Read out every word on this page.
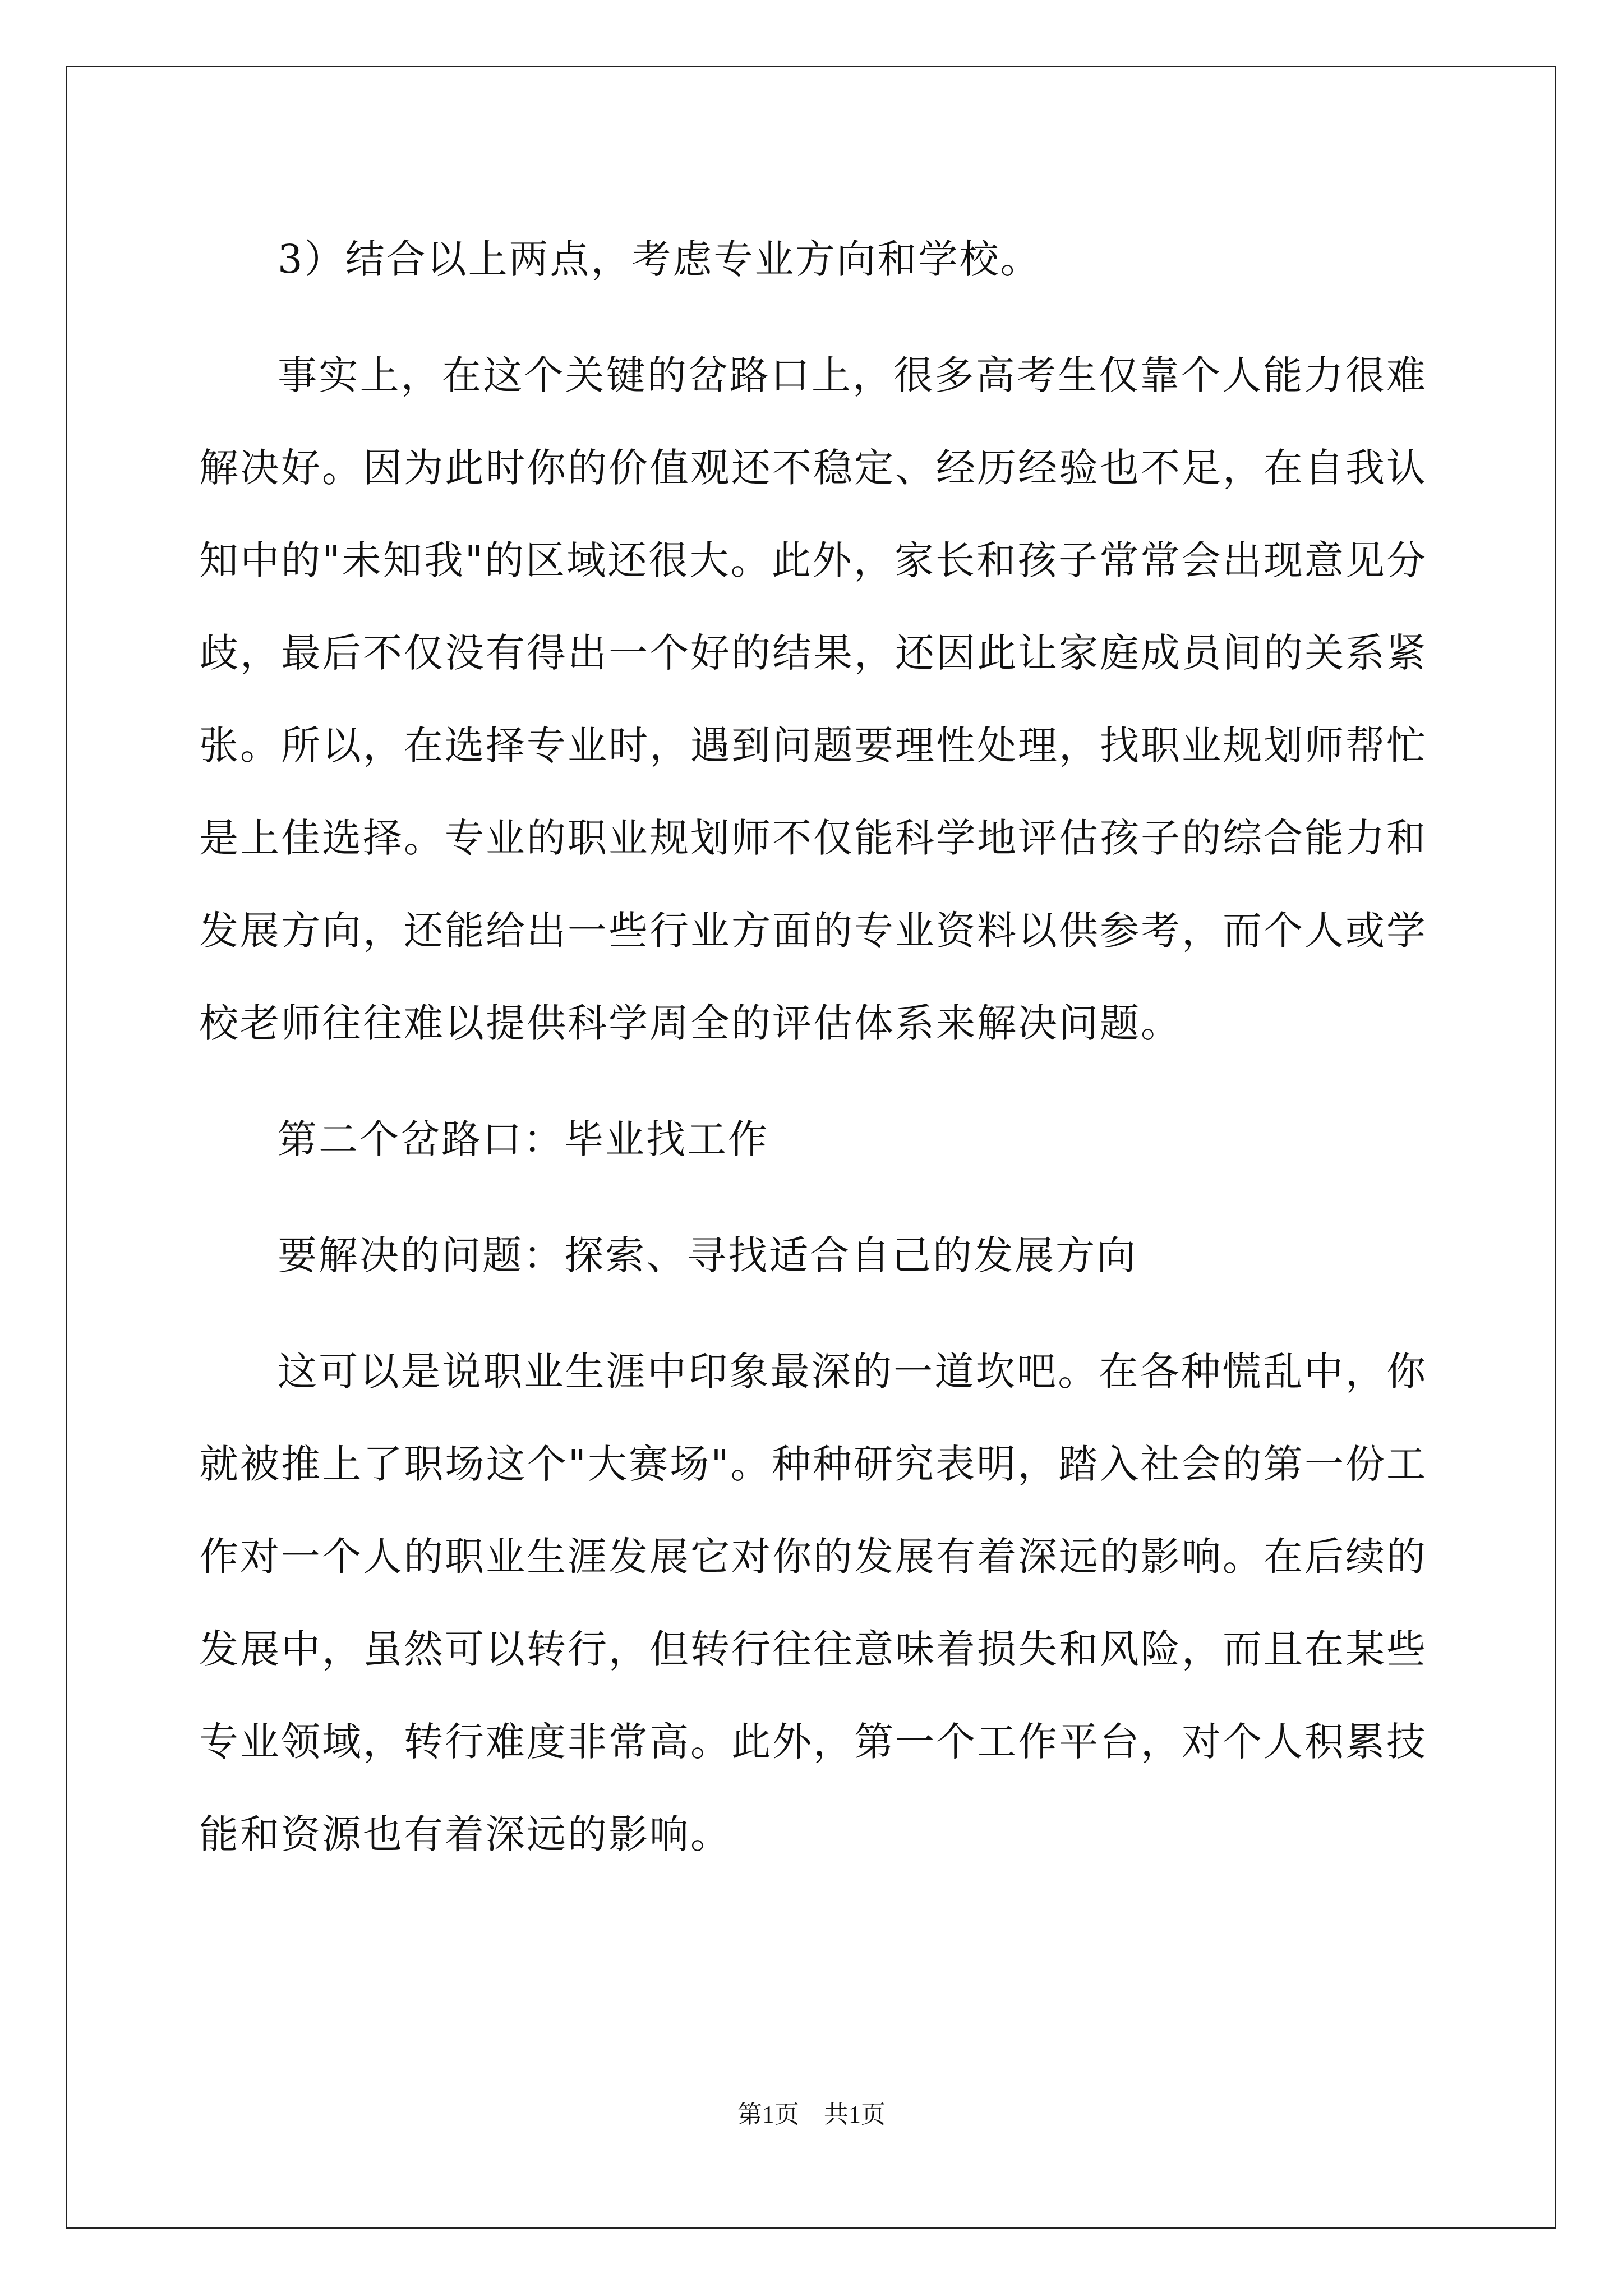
3）结合以上两点，考虑专业方向和学校。

事实上，在这个关键的岔路口上，很多高考生仅靠个人能力很难解决好。因为此时你的价值观还不稳定、经历经验也不足，在自我认知中的"未知我"的区域还很大。此外，家长和孩子常常会出现意见分歧，最后不仅没有得出一个好的结果，还因此让家庭成员间的关系紧张。所以，在选择专业时，遇到问题要理性处理，找职业规划师帮忙是上佳选择。专业的职业规划师不仅能科学地评估孩子的综合能力和发展方向，还能给出一些行业方面的专业资料以供参考，而个人或学校老师往往难以提供科学周全的评估体系来解决问题。

第二个岔路口：毕业找工作

要解决的问题：探索、寻找适合自己的发展方向

这可以是说职业生涯中印象最深的一道坎吧。在各种慌乱中，你就被推上了职场这个"大赛场"。种种研究表明，踏入社会的第一份工作对一个人的职业生涯发展它对你的发展有着深远的影响。在后续的发展中，虽然可以转行，但转行往往意味着损失和风险，而且在某些专业领域，转行难度非常高。此外，第一个工作平台，对个人积累技能和资源也有着深远的影响。

第1页 共1页
